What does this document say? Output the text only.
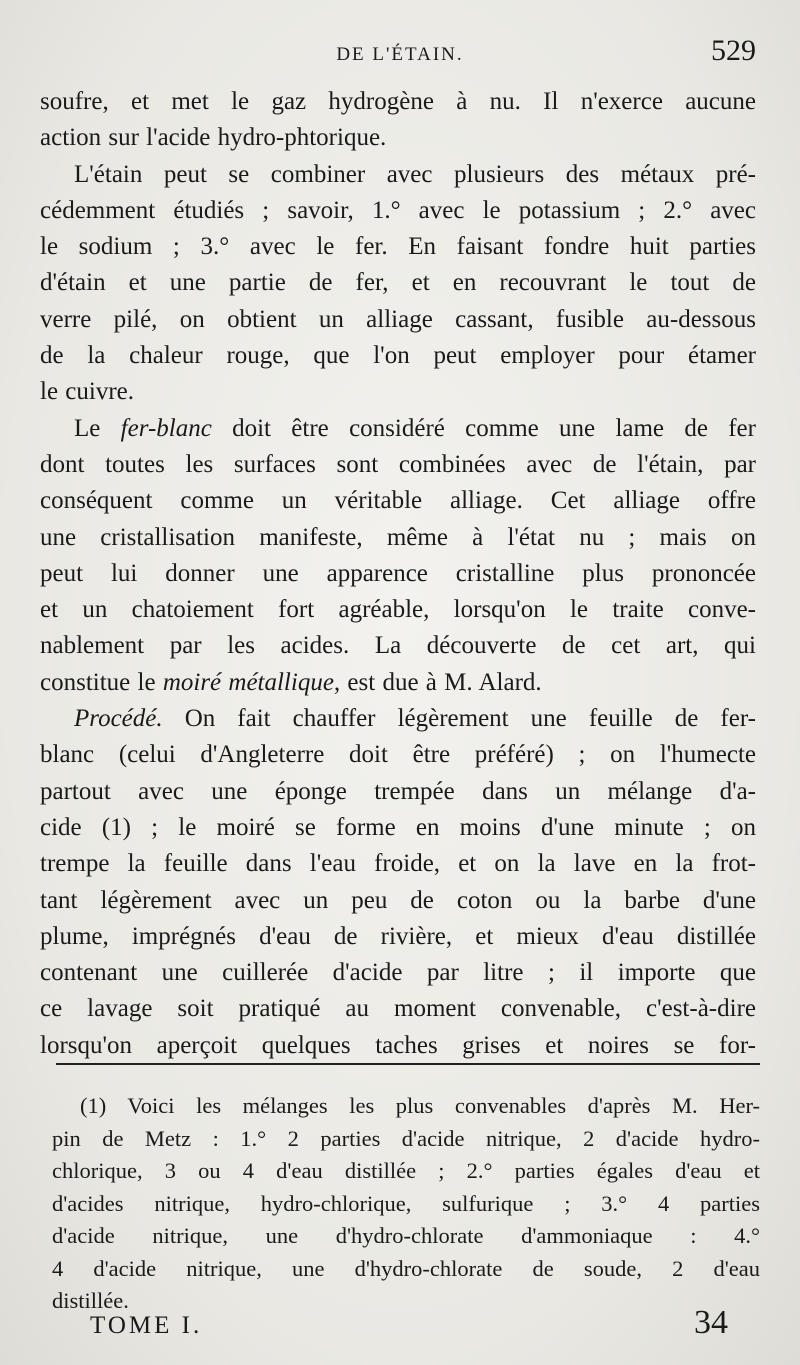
DE L'ÉTAIN.	529
soufre, et met le gaz hydrogène à nu. Il n'exerce aucune
action sur l'acide hydro-phtorique.
L'étain peut se combiner avec plusieurs des métaux pré-
cédemment étudiés ; savoir, 1.° avec le potassium ; 2.° avec
le sodium ; 3.° avec le fer. En faisant fondre huit parties
d'étain et une partie de fer, et en recouvrant le tout de
verre pilé, on obtient un alliage cassant, fusible au-dessous
de la chaleur rouge, que l'on peut employer pour étamer
le cuivre.
Le fer-blanc doit être considéré comme une lame de fer
dont toutes les surfaces sont combinées avec de l'étain, par
conséquent comme un véritable alliage. Cet alliage offre
une cristallisation manifeste, même à l'état nu ; mais on
peut lui donner une apparence cristalline plus prononcée
et un chatoiement fort agréable, lorsqu'on le traite conve-
nablement par les acides. La découverte de cet art, qui
constitue le moiré métallique, est due à M. Alard.
Procédé. On fait chauffer légèrement une feuille de fer-
blanc (celui d'Angleterre doit être préféré) ; on l'humecte
partout avec une éponge trempée dans un mélange d'a-
cide (1) ; le moiré se forme en moins d'une minute ; on
trempe la feuille dans l'eau froide, et on la lave en la frot-
tant légèrement avec un peu de coton ou la barbe d'une
plume, imprégnés d'eau de rivière, et mieux d'eau distillée
contenant une cuillerée d'acide par litre ; il importe que
ce lavage soit pratiqué au moment convenable, c'est-à-dire
lorsqu'on aperçoit quelques taches grises et noires se for-
(1) Voici les mélanges les plus convenables d'après M. Her-
pin de Metz : 1.° 2 parties d'acide nitrique, 2 d'acide hydro-
chlorique, 3 ou 4 d'eau distillée ; 2.° parties égales d'eau et
d'acides nitrique, hydro-chlorique, sulfurique ; 3.° 4 parties
d'acide nitrique, une d'hydro-chlorate d'ammoniaque : 4.°
4 d'acide nitrique, une d'hydro-chlorate de soude, 2 d'eau
distillée.
TOME I.	34
